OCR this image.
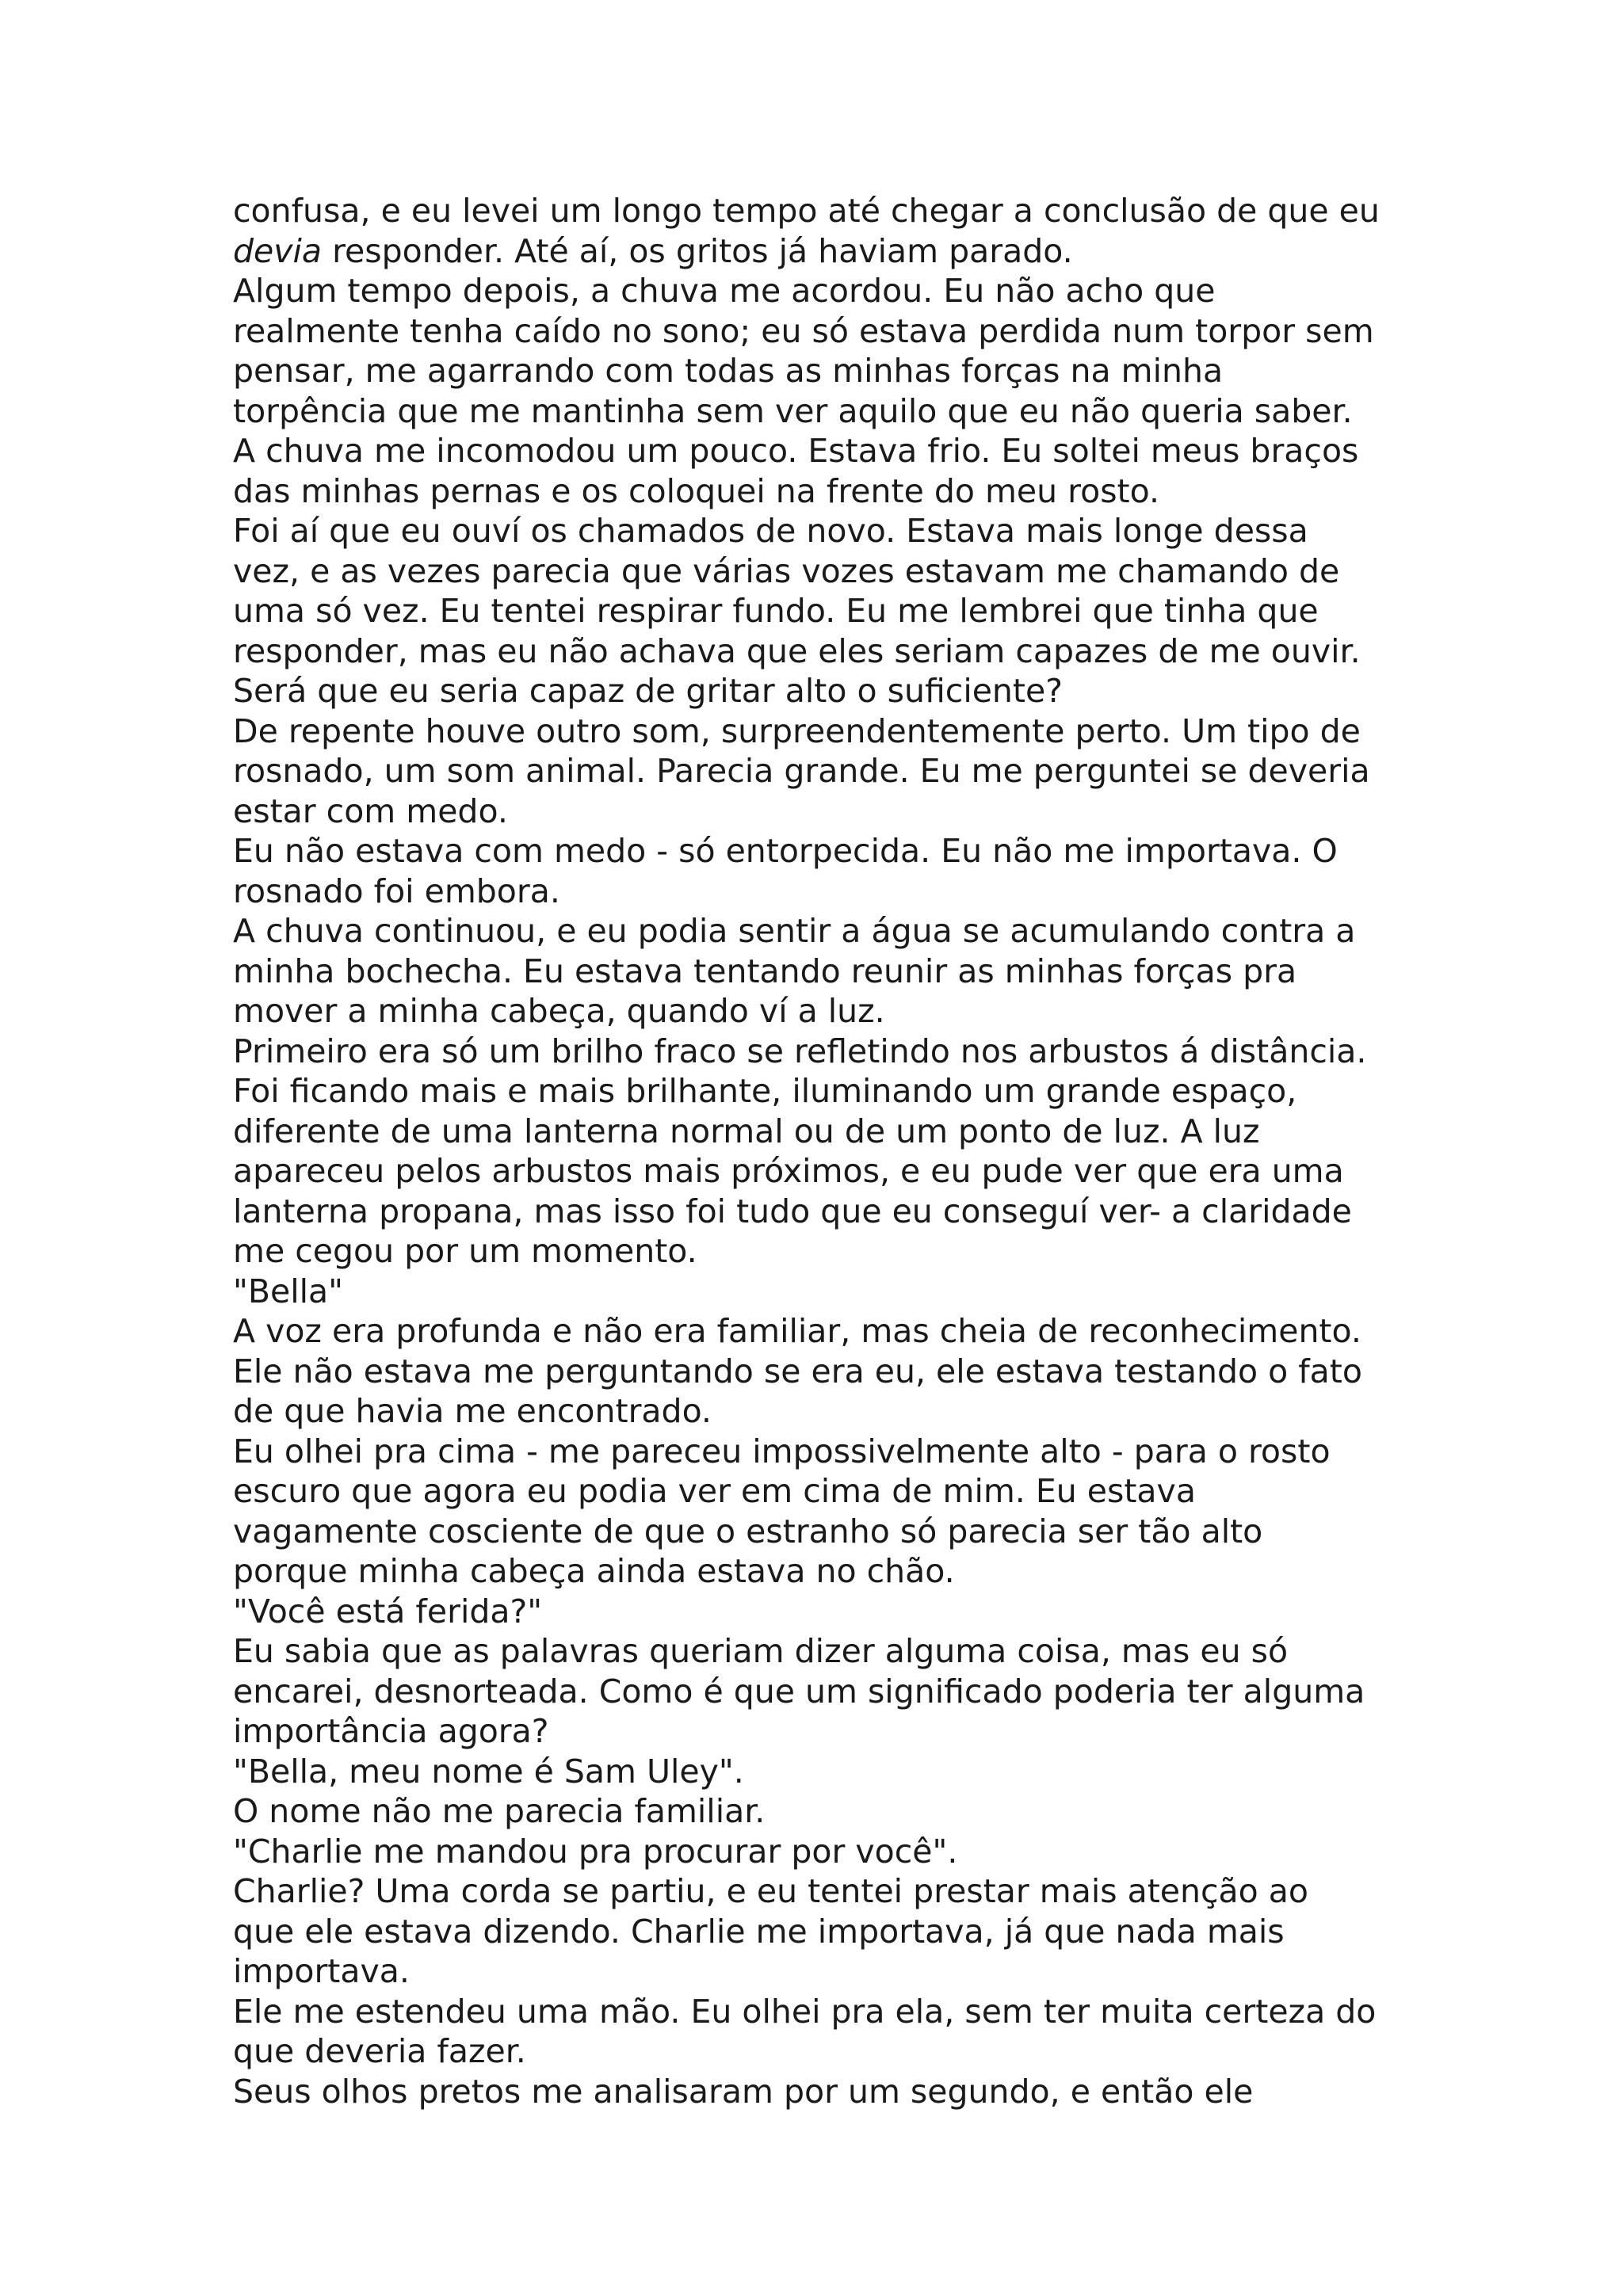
confusa, e eu levei um longo tempo até chegar a conclusão de que eu
devia responder. Até aí, os gritos já haviam parado.
Algum tempo depois, a chuva me acordou. Eu não acho que
realmente tenha caído no sono; eu só estava perdida num torpor sem
pensar, me agarrando com todas as minhas forças na minha
torpência que me mantinha sem ver aquilo que eu não queria saber.
A chuva me incomodou um pouco. Estava frio. Eu soltei meus braços
das minhas pernas e os coloquei na frente do meu rosto.
Foi aí que eu ouví os chamados de novo. Estava mais longe dessa
vez, e as vezes parecia que várias vozes estavam me chamando de
uma só vez. Eu tentei respirar fundo. Eu me lembrei que tinha que
responder, mas eu não achava que eles seriam capazes de me ouvir.
Será que eu seria capaz de gritar alto o suficiente?
De repente houve outro som, surpreendentemente perto. Um tipo de
rosnado, um som animal. Parecia grande. Eu me perguntei se deveria
estar com medo.
Eu não estava com medo - só entorpecida. Eu não me importava. O
rosnado foi embora.
A chuva continuou, e eu podia sentir a água se acumulando contra a
minha bochecha. Eu estava tentando reunir as minhas forças pra
mover a minha cabeça, quando ví a luz.
Primeiro era só um brilho fraco se refletindo nos arbustos á distância.
Foi ficando mais e mais brilhante, iluminando um grande espaço,
diferente de uma lanterna normal ou de um ponto de luz. A luz
apareceu pelos arbustos mais próximos, e eu pude ver que era uma
lanterna propana, mas isso foi tudo que eu conseguí ver- a claridade
me cegou por um momento.
"Bella"
A voz era profunda e não era familiar, mas cheia de reconhecimento.
Ele não estava me perguntando se era eu, ele estava testando o fato
de que havia me encontrado.
Eu olhei pra cima - me pareceu impossivelmente alto - para o rosto
escuro que agora eu podia ver em cima de mim. Eu estava
vagamente cosciente de que o estranho só parecia ser tão alto
porque minha cabeça ainda estava no chão.
"Você está ferida?"
Eu sabia que as palavras queriam dizer alguma coisa, mas eu só
encarei, desnorteada. Como é que um significado poderia ter alguma
importância agora?
"Bella, meu nome é Sam Uley".
O nome não me parecia familiar.
"Charlie me mandou pra procurar por você".
Charlie? Uma corda se partiu, e eu tentei prestar mais atenção ao
que ele estava dizendo. Charlie me importava, já que nada mais
importava.
Ele me estendeu uma mão. Eu olhei pra ela, sem ter muita certeza do
que deveria fazer.
Seus olhos pretos me analisaram por um segundo, e então ele
